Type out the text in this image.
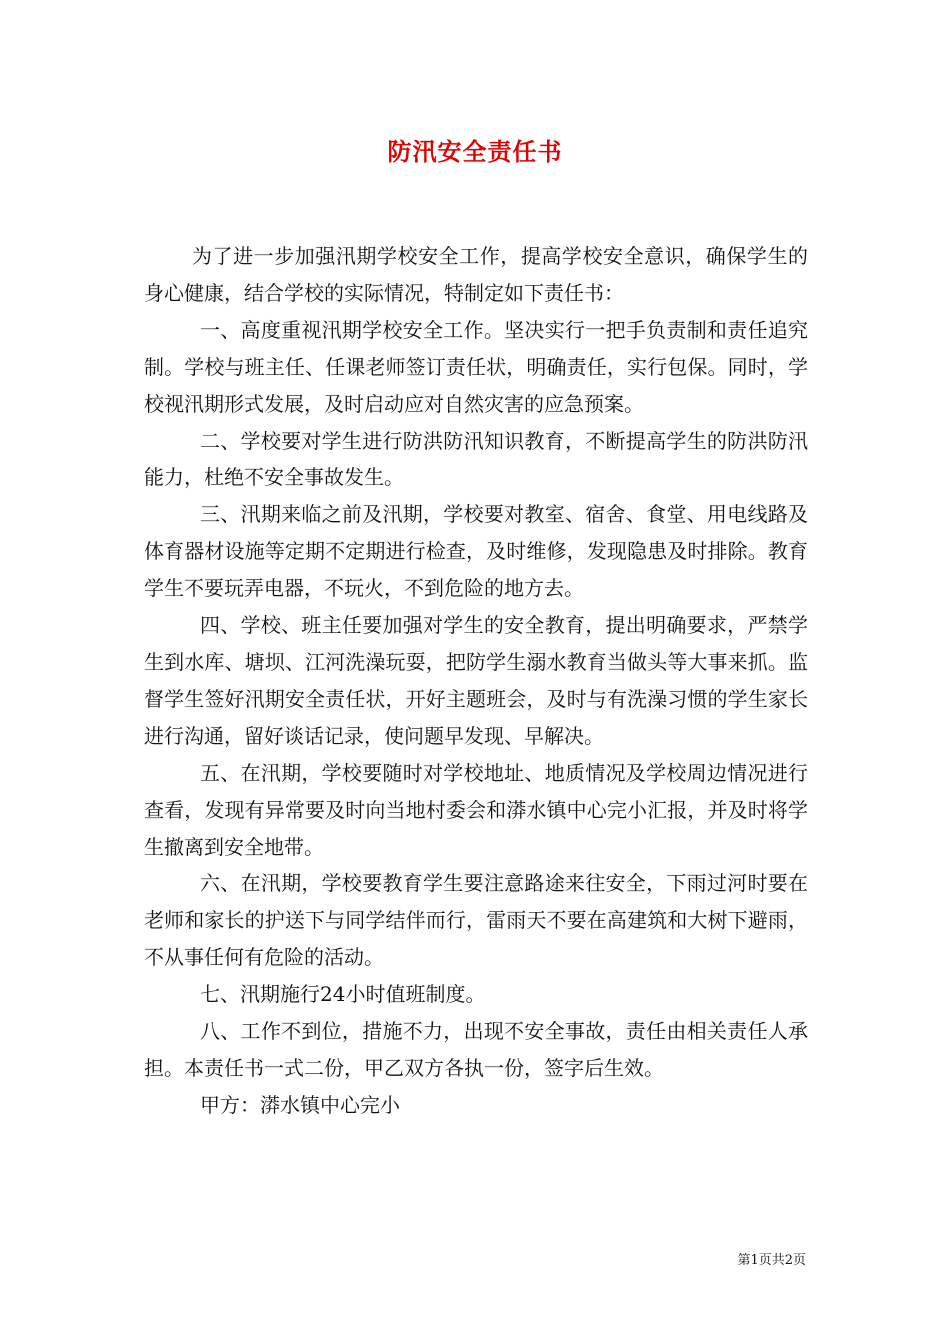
防汛安全责任书

为了进一步加强汛期学校安全工作，提高学校安全意识，确保学生的身心健康，结合学校的实际情况，特制定如下责任书：

一、高度重视汛期学校安全工作。坚决实行一把手负责制和责任追究制。学校与班主任、任课老师签订责任状，明确责任，实行包保。同时，学校视汛期形式发展，及时启动应对自然灾害的应急预案。

二、学校要对学生进行防洪防汛知识教育，不断提高学生的防洪防汛能力，杜绝不安全事故发生。

三、汛期来临之前及汛期，学校要对教室、宿舍、食堂、用电线路及体育器材设施等定期不定期进行检查，及时维修，发现隐患及时排除。教育学生不要玩弄电器，不玩火，不到危险的地方去。

四、学校、班主任要加强对学生的安全教育，提出明确要求，严禁学生到水库、塘坝、江河洗澡玩耍，把防学生溺水教育当做头等大事来抓。监督学生签好汛期安全责任状，开好主题班会，及时与有洗澡习惯的学生家长进行沟通，留好谈话记录，使问题早发现、早解决。

五、在汛期，学校要随时对学校地址、地质情况及学校周边情况进行查看，发现有异常要及时向当地村委会和漭水镇中心完小汇报，并及时将学生撤离到安全地带。

六、在汛期，学校要教育学生要注意路途来往安全，下雨过河时要在老师和家长的护送下与同学结伴而行，雷雨天不要在高建筑和大树下避雨，不从事任何有危险的活动。

七、汛期施行24小时值班制度。

八、工作不到位，措施不力，出现不安全事故，责任由相关责任人承担。本责任书一式二份，甲乙双方各执一份，签字后生效。

甲方：漭水镇中心完小

第1页共2页
